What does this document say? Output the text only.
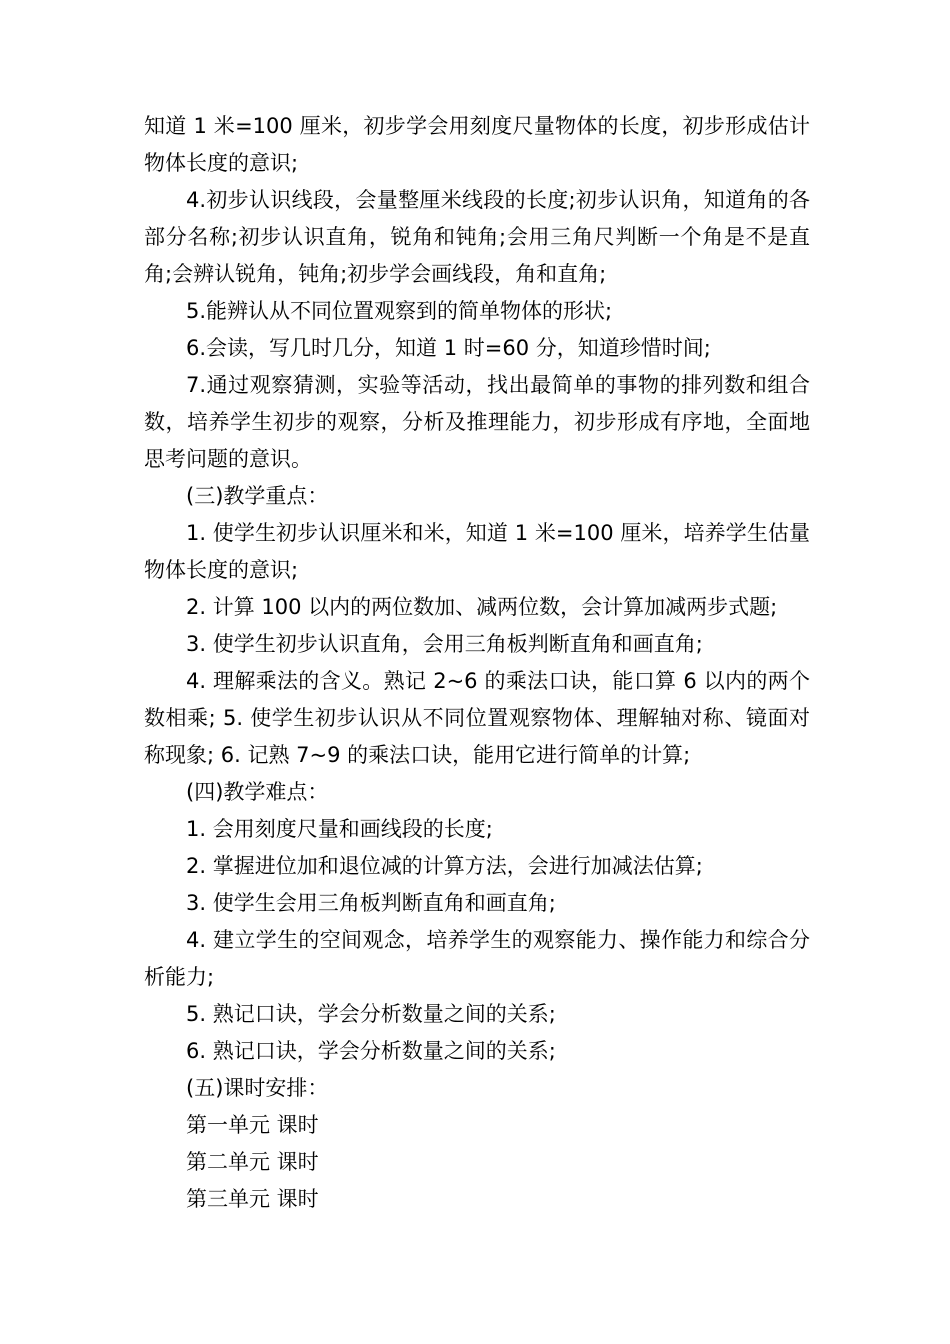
知道 1 米=100 厘米，初步学会用刻度尺量物体的长度，初步形成估计物体长度的意识;

4.初步认识线段，会量整厘米线段的长度;初步认识角，知道角的各部分名称;初步认识直角，锐角和钝角;会用三角尺判断一个角是不是直角;会辨认锐角，钝角;初步学会画线段，角和直角;

5.能辨认从不同位置观察到的简单物体的形状;

6.会读，写几时几分，知道 1 时=60 分，知道珍惜时间;

7.通过观察猜测，实验等活动，找出最简单的事物的排列数和组合数，培养学生初步的观察，分析及推理能力，初步形成有序地，全面地思考问题的意识。

(三)教学重点：

1. 使学生初步认识厘米和米，知道 1 米=100 厘米，培养学生估量物体长度的意识;

2. 计算 100 以内的两位数加、减两位数，会计算加减两步式题;

3. 使学生初步认识直角，会用三角板判断直角和画直角;

4. 理解乘法的含义。熟记 2~6 的乘法口诀，能口算 6 以内的两个数相乘; 5. 使学生初步认识从不同位置观察物体、理解轴对称、镜面对称现象; 6. 记熟 7~9 的乘法口诀，能用它进行简单的计算;

(四)教学难点：

1. 会用刻度尺量和画线段的长度;

2. 掌握进位加和退位减的计算方法，会进行加减法估算;

3. 使学生会用三角板判断直角和画直角;

4. 建立学生的空间观念，培养学生的观察能力、操作能力和综合分析能力;

5. 熟记口诀，学会分析数量之间的关系;

6. 熟记口诀，学会分析数量之间的关系;

(五)课时安排：

第一单元 课时

第二单元 课时

第三单元 课时
